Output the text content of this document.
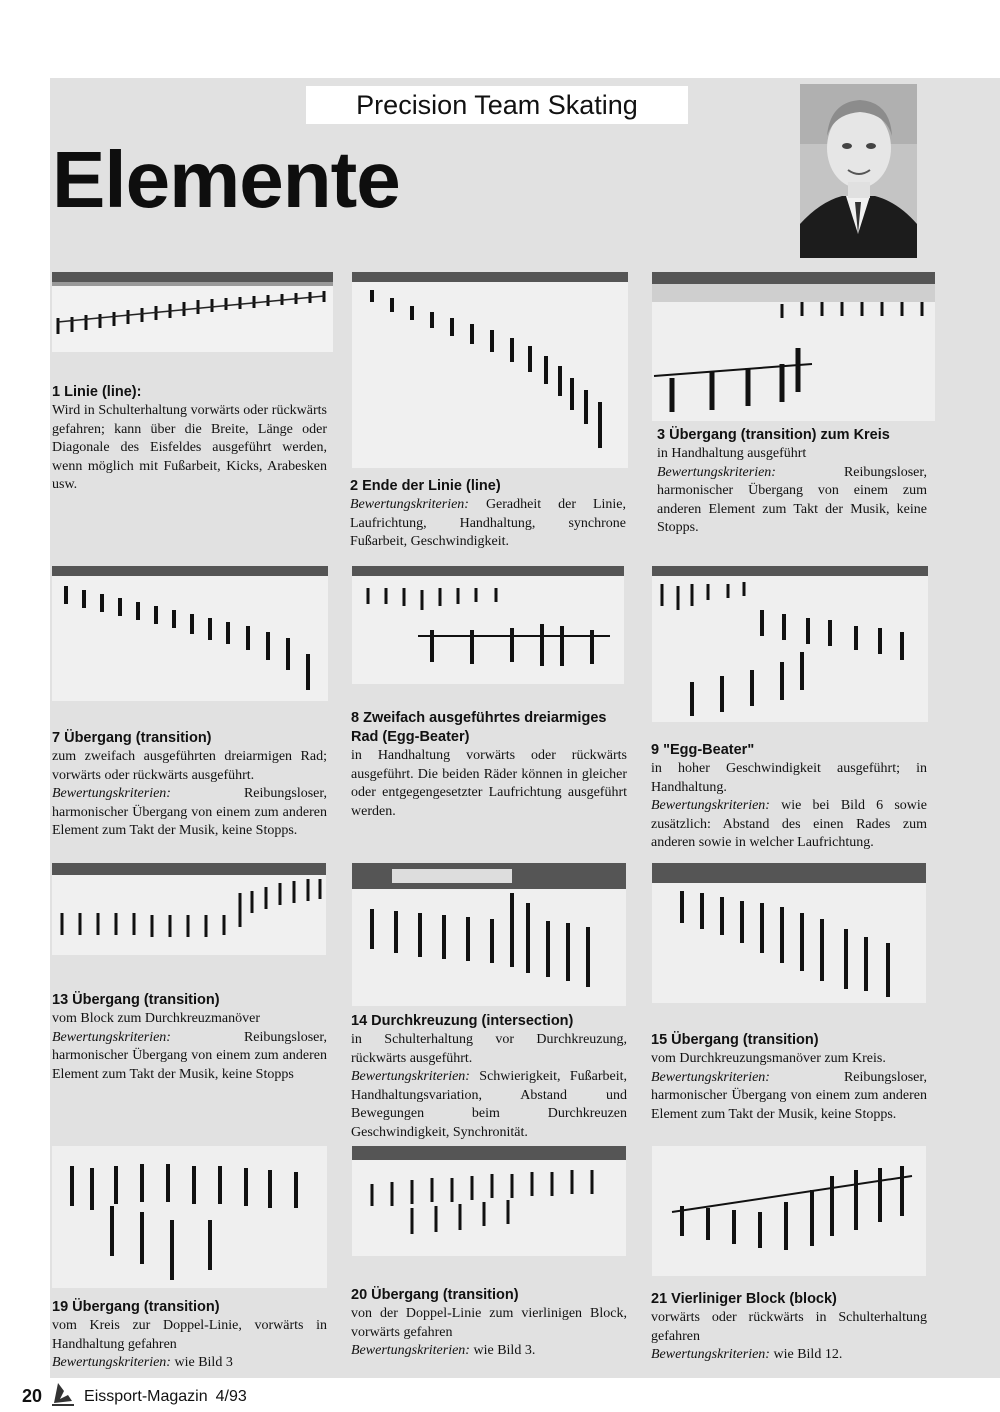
Precision Team Skating
Elemente
1 Linie (line):
Wird in Schulterhaltung vorwärts oder rückwärts gefahren; kann über die Breite, Länge oder Diagonale des Eisfeldes ausgeführt werden, wenn möglich mit Fußarbeit, Kicks, Arabesken usw.	2 Ende der Linie (line)
Bewertungskriterien: Geradheit der Linie, Laufrichtung, Handhaltung, synchrone Fußarbeit, Geschwindigkeit.
3 Übergang (transition) zum Kreis
in Handhaltung ausgeführt
Bewertungskriterien: Reibungsloser, harmonischer Übergang von einem zum anderen Element zum Takt der Musik, keine Stopps.
7 Übergang (transition)
zum zweifach ausgeführten dreiarmigen Rad; vorwärts oder rückwärts ausgeführt.
Bewertungskriterien: Reibungsloser, harmonischer Übergang von einem zum anderen Element zum Takt der Musik, keine Stopps.
8 Zweifach ausgeführtes dreiarmiges Rad (Egg-Beater)
in Handhaltung vorwärts oder rückwärts ausgeführt. Die beiden Räder können in gleicher oder entgegengesetzter Laufrichtung ausgeführt werden.
9 "Egg-Beater"
in hoher Geschwindigkeit ausgeführt; in Handhaltung.
Bewertungskriterien: wie bei Bild 6 sowie zusätzlich: Abstand des einen Rades zum anderen sowie in welcher Laufrichtung.
13 Übergang (transition)
vom Block zum Durchkreuzmanöver
Bewertungskriterien: Reibungsloser, harmonischer Übergang von einem zum anderen Element zum Takt der Musik, keine Stopps
14 Durchkreuzung (intersection)
in Schulterhaltung vor Durchkreuzung, rückwärts ausgeführt.
Bewertungskriterien: Schwierigkeit, Fußarbeit, Handhaltungsvariation, Abstand und Bewegungen beim Durchkreuzen Geschwindigkeit, Synchronität.
15 Übergang (transition)
vom Durchkreuzungsmanöver zum Kreis.
Bewertungskriterien: Reibungsloser, harmonischer Übergang von einem zum anderen Element zum Takt der Musik, keine Stopps.
19 Übergang (transition)
vom Kreis zur Doppel-Linie, vorwärts in Handhaltung gefahren
Bewertungskriterien: wie Bild 3
20 Übergang (transition)
von der Doppel-Linie zum vierlinigen Block, vorwärts gefahren
Bewertungskriterien: wie Bild 3.
21 Vierliniger Block (block)
vorwärts oder rückwärts in Schulterhaltung gefahren
Bewertungskriterien: wie Bild 12.
20	Eissport-Magazin 4/93
